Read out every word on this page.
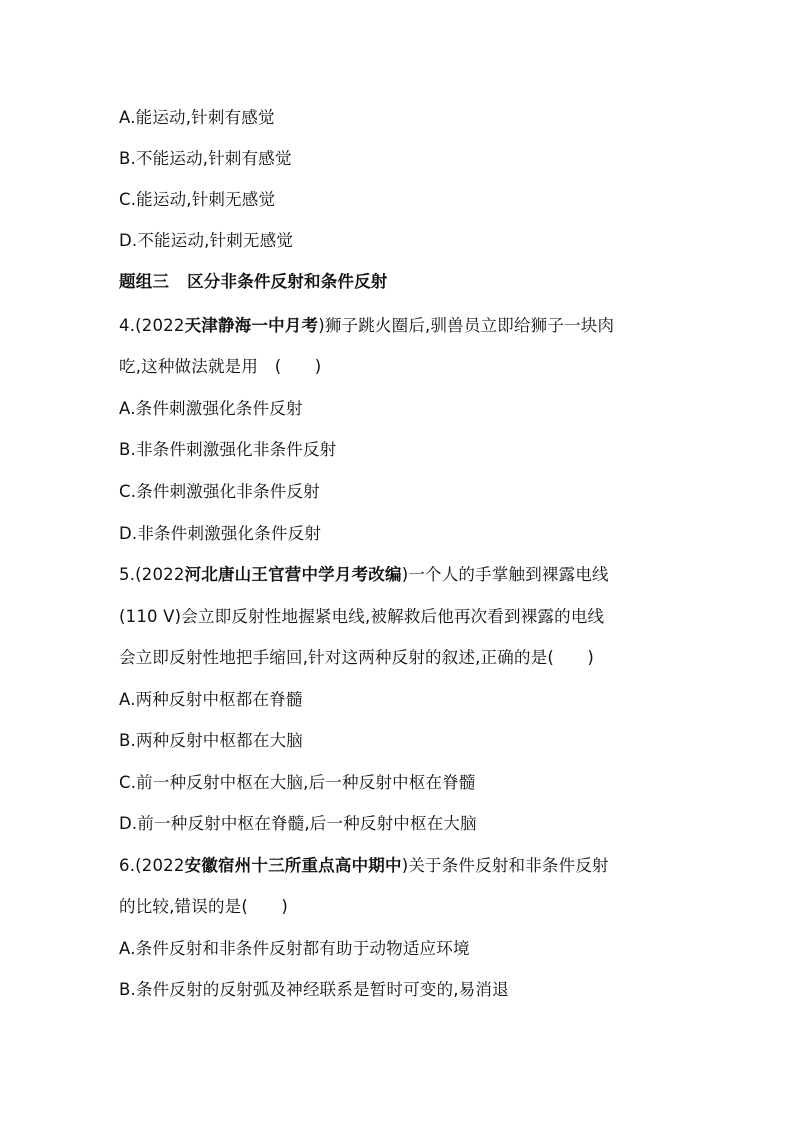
A.能运动,针刺有感觉
B.不能运动,针刺有感觉
C.能运动,针刺无感觉
D.不能运动,针刺无感觉
题组三 区分非条件反射和条件反射
4.(2022天津静海一中月考)狮子跳火圈后,驯兽员立即给狮子一块肉
吃,这种做法就是用　(　　)
A.条件刺激强化条件反射
B.非条件刺激强化非条件反射
C.条件刺激强化非条件反射
D.非条件刺激强化条件反射
5.(2022河北唐山王官营中学月考改编)一个人的手掌触到裸露电线
(110 V)会立即反射性地握紧电线,被解救后他再次看到裸露的电线
会立即反射性地把手缩回,针对这两种反射的叙述,正确的是(　　)
A.两种反射中枢都在脊髓
B.两种反射中枢都在大脑
C.前一种反射中枢在大脑,后一种反射中枢在脊髓
D.前一种反射中枢在脊髓,后一种反射中枢在大脑
6.(2022安徽宿州十三所重点高中期中)关于条件反射和非条件反射
的比较,错误的是(　　)
A.条件反射和非条件反射都有助于动物适应环境
B.条件反射的反射弧及神经联系是暂时可变的,易消退
